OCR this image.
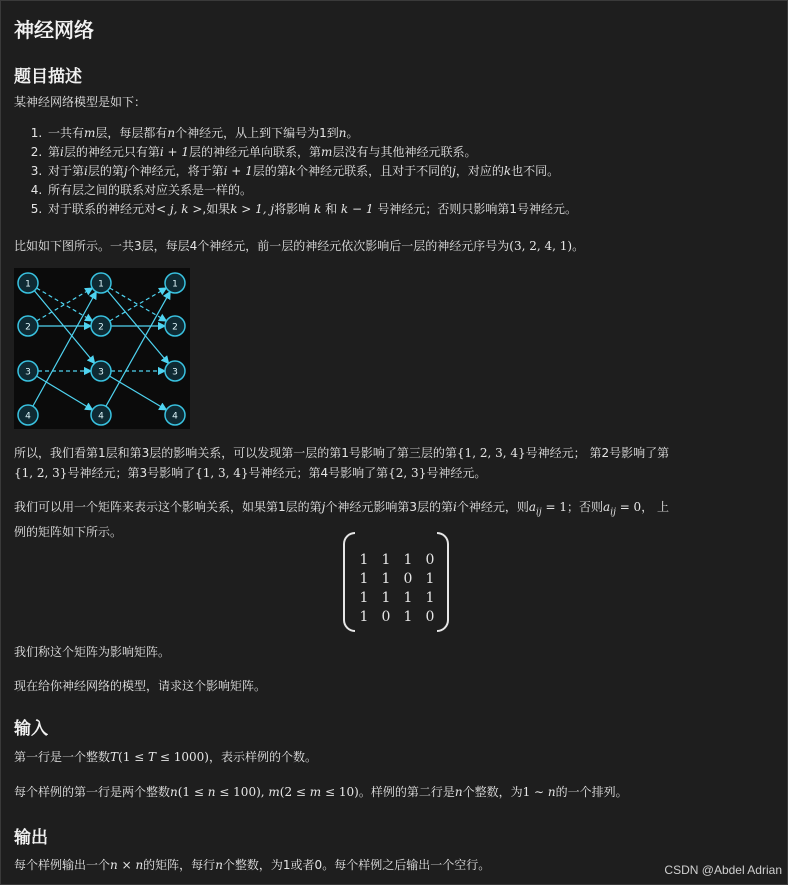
神经网络
题目描述
某神经网络模型是如下：
1. 一共有m层，每层都有n个神经元，从上到下编号为1到n。
2. 第i层的神经元只有第i + 1层的神经元单向联系，第m层没有与其他神经元联系。
3. 对于第i层的第j个神经元，将于第i + 1层的第k个神经元联系，且对于不同的j，对应的k也不同。
4. 所有层之间的联系对应关系是一样的。
5. 对于联系的神经元对< j, k >,如果k > 1, j将影响 k 和 k − 1 号神经元；否则只影响第1号神经元。
比如如下图所示。一共3层，每层4个神经元，前一层的神经元依次影响后一层的神经元序号为(3, 2, 4, 1)。
1
2
3
4
1
2
3
4
1
2
3
4
所以，我们看第1层和第3层的影响关系，可以发现第一层的第1号影响了第三层的第{1, 2, 3, 4}号神经元； 第2号影响了第
{1, 2, 3}号神经元；第3号影响了{1, 3, 4}号神经元；第4号影响了第{2, 3}号神经元。
我们可以用一个矩阵来表示这个影响关系，如果第1层的第j个神经元影响第3层的第i个神经元，则$a_{ij} = 1$；否则$a_{ij} = 0$， 上
例的矩阵如下所示。
1	1	1	0
1	1	0	1
1	1	1	1
1	0	1	0
我们称这个矩阵为影响矩阵。
现在给你神经网络的模型，请求这个影响矩阵。
输入
第一行是一个整数T(1 ≤ T ≤ 1000)，表示样例的个数。
每个样例的第一行是两个整数n(1 ≤ n ≤ 100), m(2 ≤ m ≤ 10)。样例的第二行是n个整数，为1 ∼ n的一个排列。
输出
每个样例输出一个n × n的矩阵，每行n个整数，为1或者0。每个样例之后输出一个空行。	CSDN @Abdel Adrian
